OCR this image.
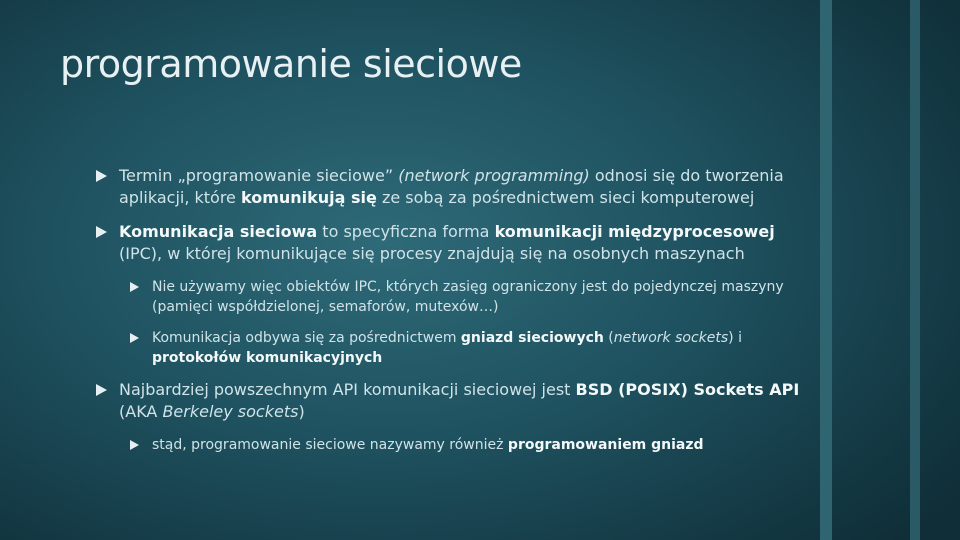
programowanie sieciowe

Termin „programowanie sieciowe” (network programming) odnosi się do tworzenia aplikacji, które komunikują się ze sobą za pośrednictwem sieci komputerowej

Komunikacja sieciowa to specyficzna forma komunikacji międzyprocesowej (IPC), w której komunikujące się procesy znajdują się na osobnych maszynach

Nie używamy więc obiektów IPC, których zasięg ograniczony jest do pojedynczej maszyny (pamięci współdzielonej, semaforów, mutexów…)

Komunikacja odbywa się za pośrednictwem gniazd sieciowych (network sockets) i protokołów komunikacyjnych

Najbardziej powszechnym API komunikacji sieciowej jest BSD (POSIX) Sockets API (AKA Berkeley sockets)

stąd, programowanie sieciowe nazywamy również programowaniem gniazd
